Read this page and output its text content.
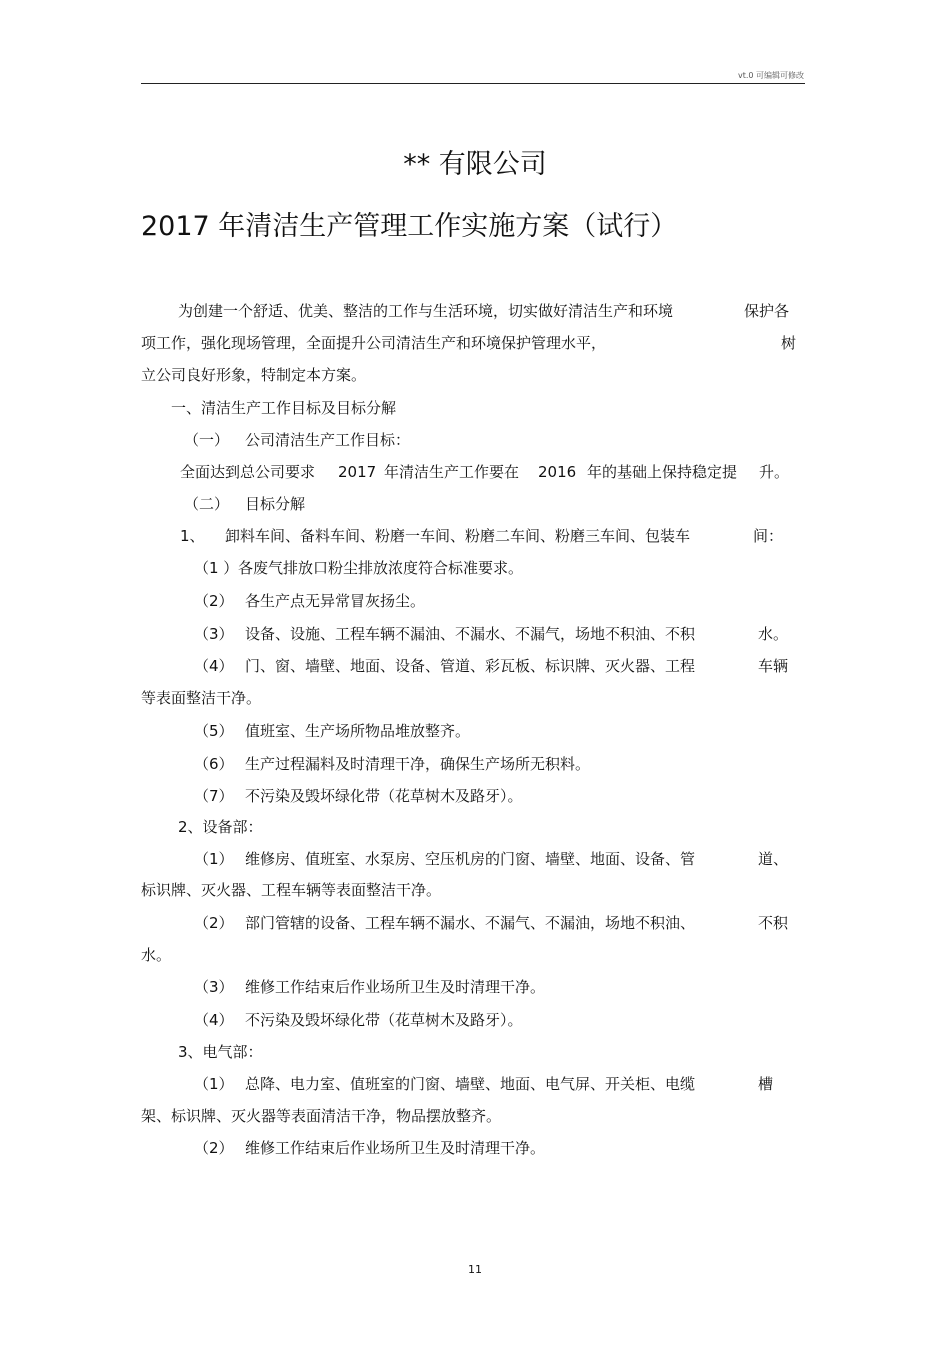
vt.0 可编辑可修改
** 有限公司
2017 年清洁生产管理工作实施方案（试行）
为创建一个舒适、优美、整洁的工作与生活环境，切实做好清洁生产和环境	保护各
项工作，强化现场管理，全面提升公司清洁生产和环境保护管理水平，	树
立公司良好形象，特制定本方案。
一、清洁生产工作目标及目标分解
（一） 公司清洁生产工作目标：
全面达到总公司要求 2017 年清洁生产工作要在 2016 年的基础上保持稳定提 升。
（二） 目标分解
1、 卸料车间、备料车间、粉磨一车间、粉磨二车间、粉磨三车间、包装车	间：
（1 ） 各废气排放口粉尘排放浓度符合标准要求。
（2） 各生产点无异常冒灰扬尘。
（3） 设备、设施、工程车辆不漏油、不漏水、不漏气，场地不积油、不积	水。
（4） 门、窗、墙壁、地面、设备、管道、彩瓦板、标识牌、灭火器、工程	车辆
等表面整洁干净。
（5） 值班室、生产场所物品堆放整齐。
（6） 生产过程漏料及时清理干净，确保生产场所无积料。
（7） 不污染及毁坏绿化带（花草树木及路牙）。
2、设备部：
（1） 维修房、值班室、水泵房、空压机房的门窗、墙壁、地面、设备、管	道、
标识牌、灭火器、工程车辆等表面整洁干净。
（2） 部门管辖的设备、工程车辆不漏水、不漏气、不漏油，场地不积油、	不积
水。
（3） 维修工作结束后作业场所卫生及时清理干净。
（4） 不污染及毁坏绿化带（花草树木及路牙）。
3、电气部：
（1） 总降、电力室、值班室的门窗、墙壁、地面、电气屏、开关柜、电缆	槽
架、标识牌、灭火器等表面清洁干净，物品摆放整齐。
（2） 维修工作结束后作业场所卫生及时清理干净。
11
